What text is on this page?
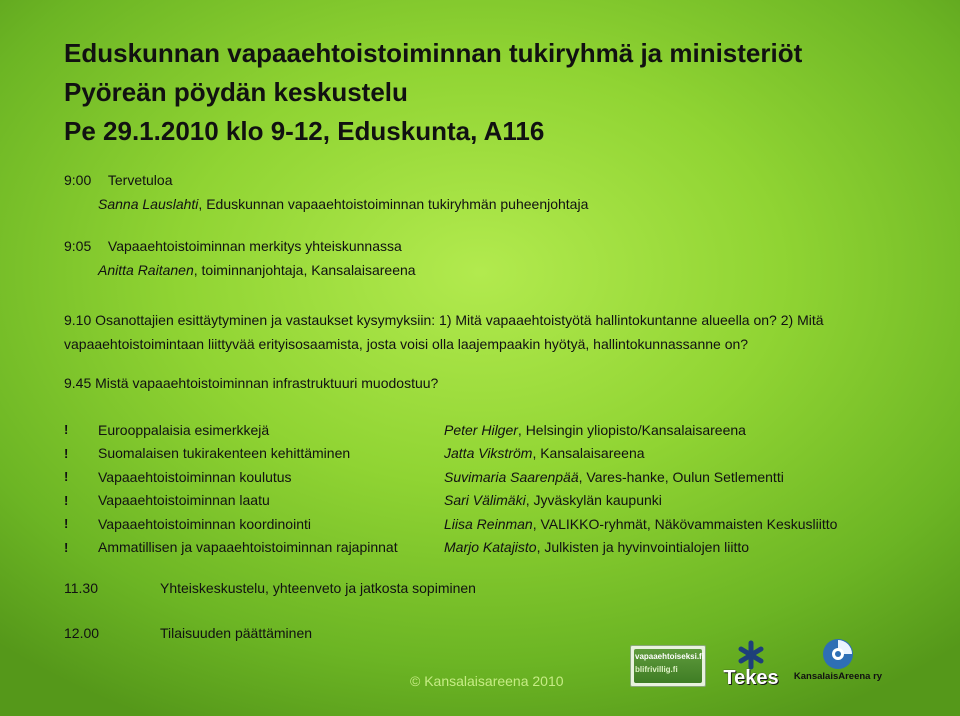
Eduskunnan vapaaehtoistoiminnan tukiryhmä ja ministeriöt
Pyöreän pöydän keskustelu
Pe 29.1.2010 klo 9-12, Eduskunta, A116
9:00 Tervetuloa
Sanna Lauslahti, Eduskunnan vapaaehtoistoiminnan tukiryhmän puheenjohtaja
9:05 Vapaaehtoistoiminnan merkitys yhteiskunnassa
Anitta Raitanen, toiminnanjohtaja, Kansalaisareena
9.10 Osanottajien esittäytyminen ja vastaukset kysymyksiin: 1) Mitä vapaaehtoistyötä hallintokuntanne alueella on? 2) Mitä
vapaaehtoistoimintaan liittyvää erityisosaamista, josta voisi olla laajempaakin hyötyä, hallintokunnassanne on?
9.45 Mistä vapaaehtoistoiminnan infrastruktuuri muodostuu?
!	Eurooppalaisia esimerkkejä	Peter Hilger, Helsingin yliopisto/Kansalaisareena
!	Suomalaisen tukirakenteen kehittäminen	Jatta Vikström, Kansalaisareena
!	Vapaaehtoistoiminnan koulutus	Suvimaria Saarenpää, Vares-hanke, Oulun Setlementti
!	Vapaaehtoistoiminnan laatu	Sari Välimäki, Jyväskylän kaupunki
!	Vapaaehtoistoiminnan koordinointi	Liisa Reinman, VALIKKO-ryhmät, Näkövammaisten Keskusliitto
!	Ammatillisen ja vapaaehtoistoiminnan rajapinnat	Marjo Katajisto, Julkisten ja hyvinvointialojen liitto
11.30	Yhteiskeskustelu, yhteenveto ja jatkosta sopiminen
12.00	Tilaisuuden päättäminen
© Kansalaisareena 2010
vapaaehtoiseksi.fi
blifrivillig.fi	Tekes	KansalaisAreena ry
